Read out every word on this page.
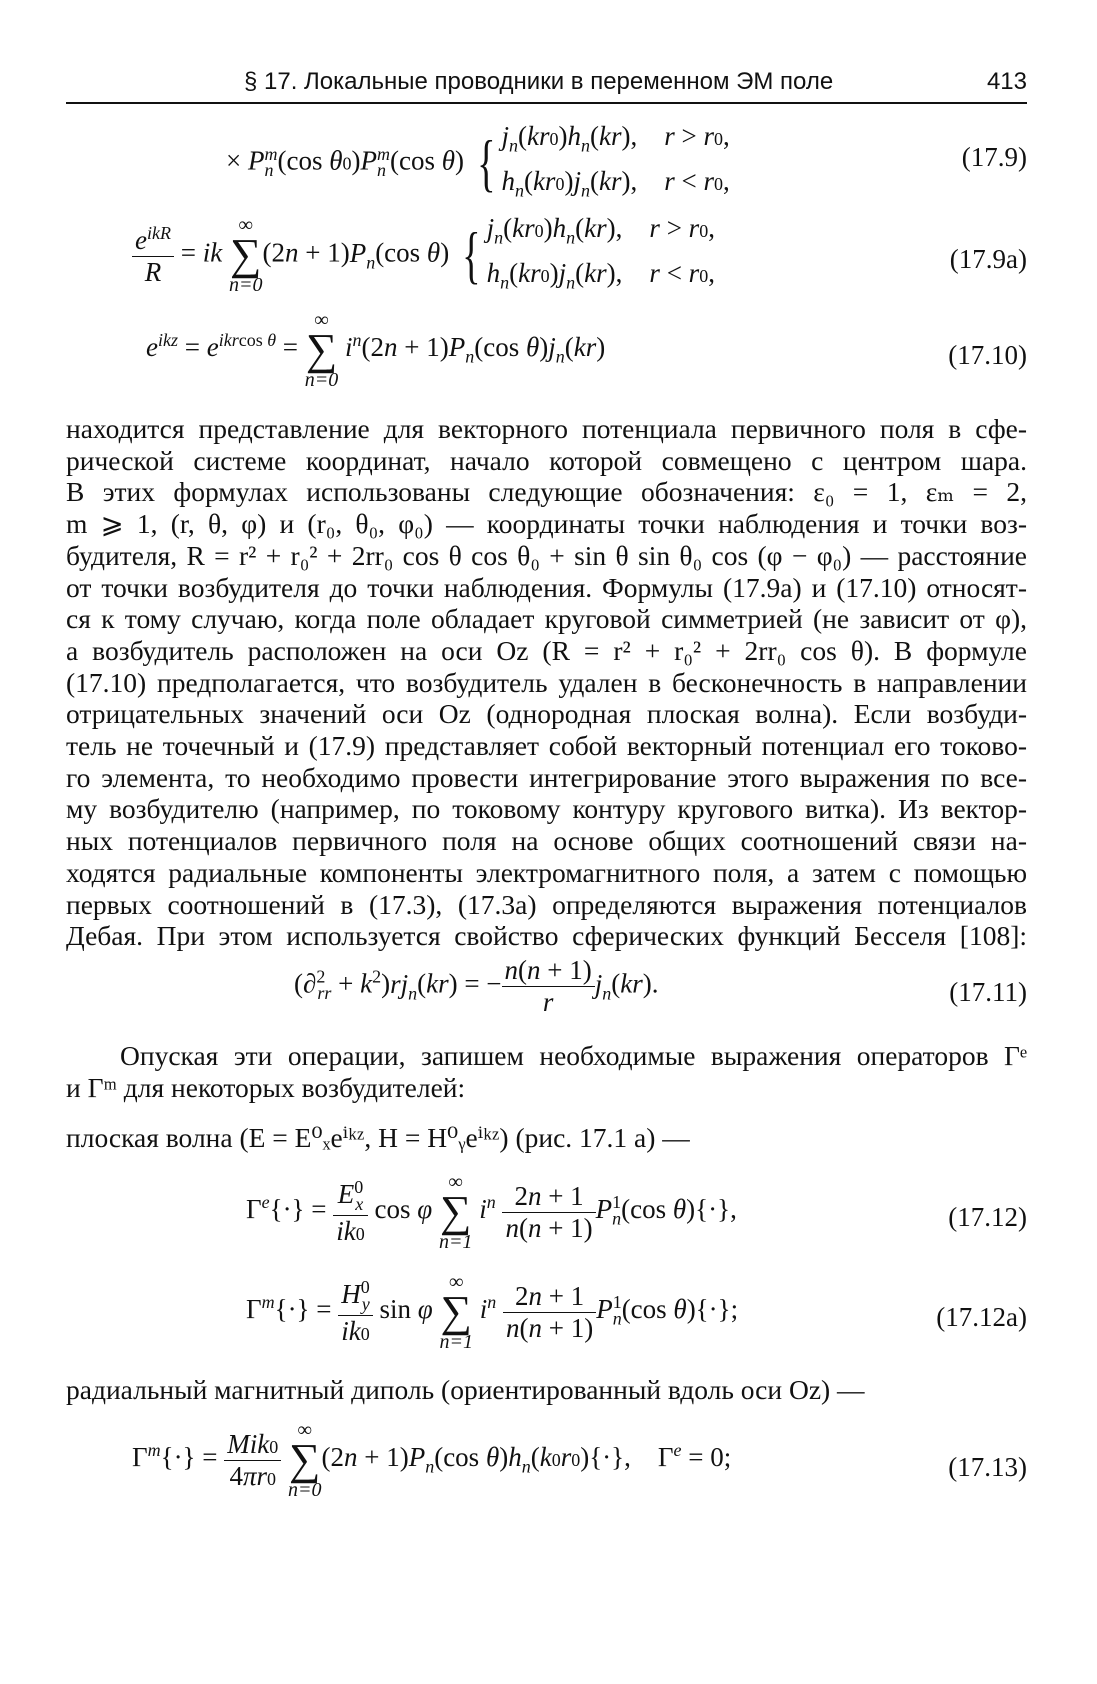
§ 17. Локальные проводники в переменном ЭМ поле	413
× $P_n^m(\cos$ $\theta 0)P_n^m(\cos$ θ) { $j_n(kr0)h_n(kr)$,    r > r0,
$h_n(kr0)j_n(kr)$,    r < r0,
(17.9)
$\frac{e^{ikR}}{R}$ = ik
∞
∑
n=0
$(2n + 1)P_n(\cos$ θ) { $j_n(kr0)h_n(kr)$,    r > r0,
$h_n(kr0)j_n(kr)$,    r < r0,	(17.9a)
$e^{ikz} = e^{ikrcos \theta}$ =
∞
∑
n=0
$i^n(2n + 1)P_n(\cos$ $\theta)j_n(kr)$	(17.10)
находится представление для векторного потенциала первичного поля в сфе-
рической системе координат, начало которой совмещено с центром шара.
В этих формулах использованы следующие обозначения: ε₀ = 1, εₘ = 2,
m ⩾ 1, (r, θ, φ) и (r₀, θ₀, φ₀) — координаты точки наблюдения и точки воз-
будителя, R = r² + r₀² + 2rr₀ cos θ cos θ₀ + sin θ sin θ₀ cos (φ − φ₀) — расстояние
от точки возбудителя до точки наблюдения. Формулы (17.9a) и (17.10) относят-
ся к тому случаю, когда поле обладает круговой симметрией (не зависит от φ),
а возбудитель расположен на оси Oz (R = r² + r₀² + 2rr₀ cos θ). В формуле
(17.10) предполагается, что возбудитель удален в бесконечность в направлении
отрицательных значений оси Oz (однородная плоская волна). Если возбуди-
тель не точечный и (17.9) представляет собой векторный потенциал его токово-
го элемента, то необходимо провести интегрирование этого выражения по все-
му возбудителю (например, по токовому контуру кругового витка). Из вектор-
ных потенциалов первичного поля на основе общих соотношений связи на-
ходятся радиальные компоненты электромагнитного поля, а затем с помощью
первых соотношений в (17.3), (17.3a) определяются выражения потенциалов
Дебая. При этом используется свойство сферических функций Бесселя [108]:
$(\partial^2_{rr} + k^2)rj_n(kr)$ = − $\frac{n(n + 1)}{r} j_n(kr)$.	(17.11)
Опуская эти операции, запишем необходимые выражения операторов Γᵉ
и Γᵐ для некоторых возбудителей:
плоская волна (E = E⁰ₓeⁱᵏᶻ, H = H⁰ᵧeⁱᵏᶻ) (рис. 17.1 a) —
$\Gamma^e\{\cdot\} = \frac{E^0_x}{ik0}$ cos φ
∞
∑
n=1
$i^n \frac{2n + 1}{n(n + 1)} P_n^1(\cos$ θ){·},	(17.12)
$\Gamma^m\{\cdot\} = \frac{H^0_y}{ik0}$ sin φ
∞
∑
n=1
$i^n \frac{2n + 1}{n(n + 1)} P_n^1(\cos$ θ){·};	(17.12a)
радиальный магнитный диполь (ориентированный вдоль оси Oz) —
$\Gamma^m\{\cdot\} = \frac{\text{Mik0}}{4\pi r0}$
∞
∑
n=0
$(2n + 1)P_n(\cos$ $\theta)h_n(k0r0)\{\cdot\}$,    $\Gamma^e = 0$;	(17.13)
